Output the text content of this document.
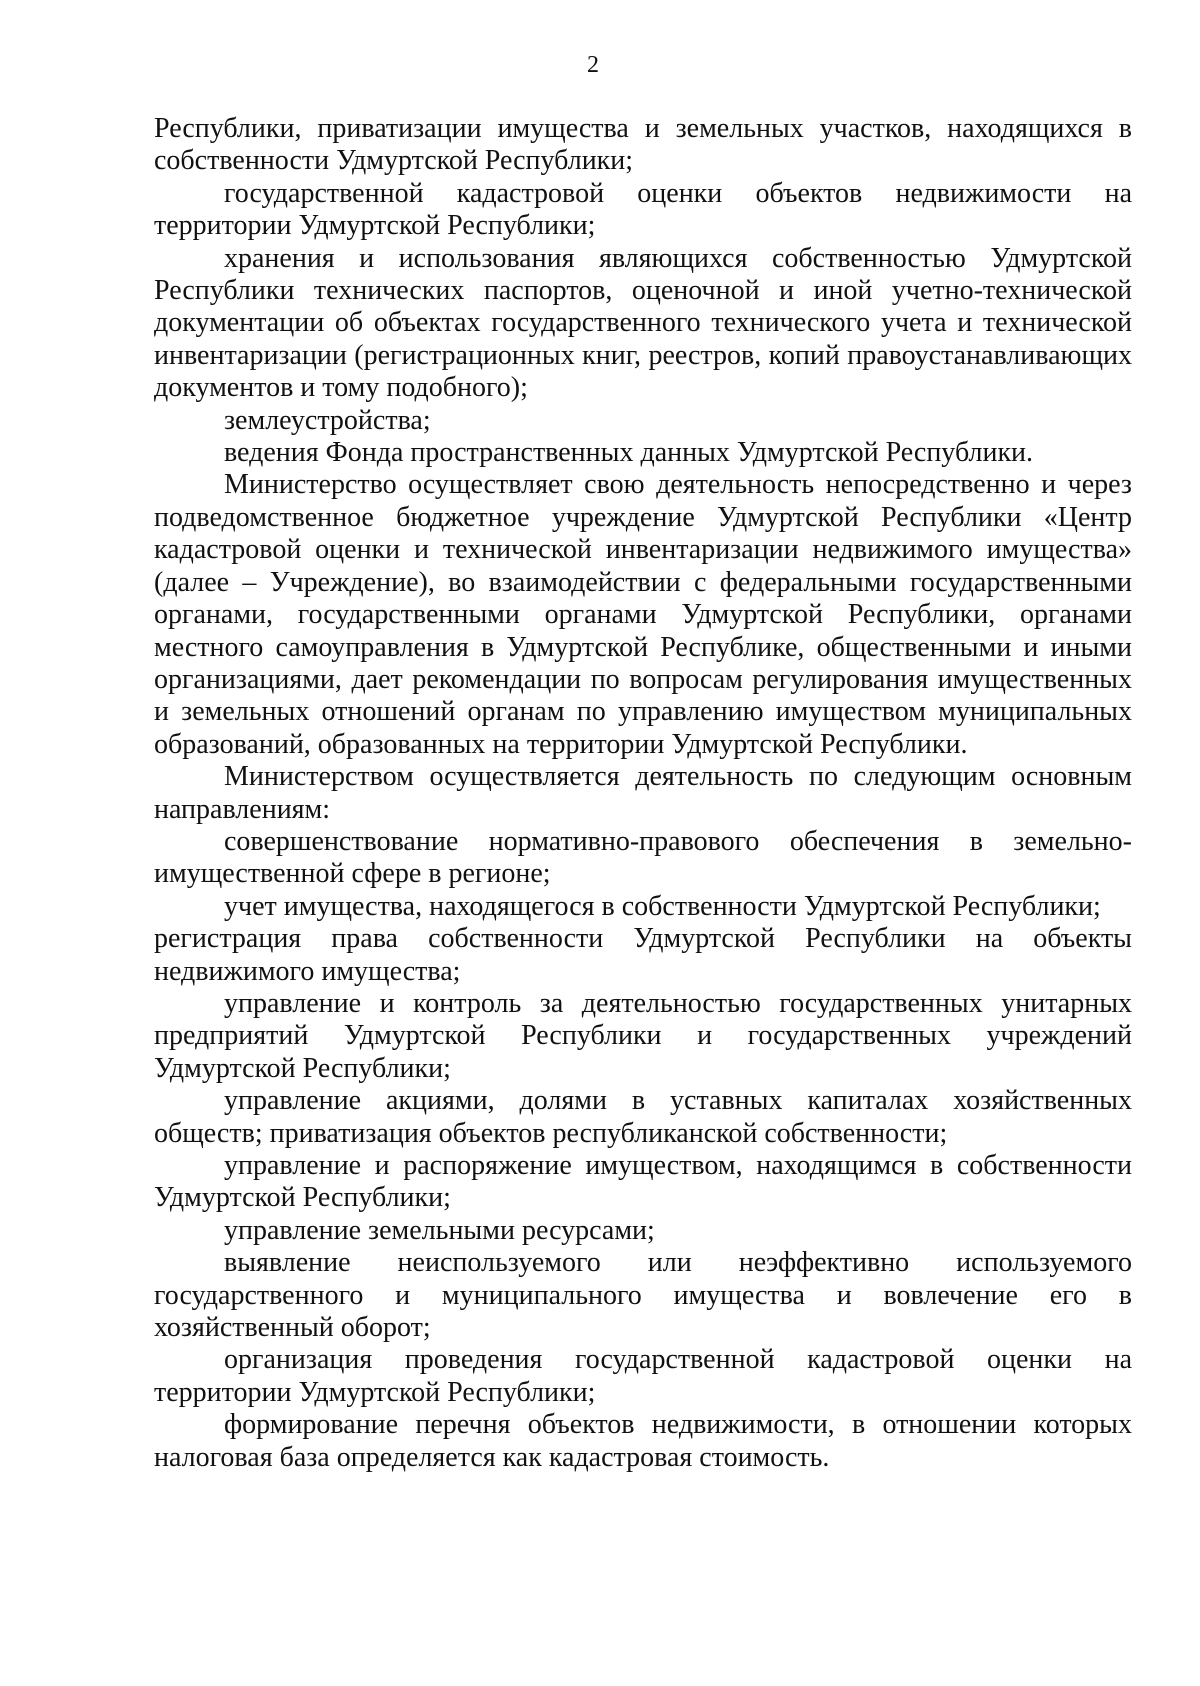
2

Республики, приватизации имущества и земельных участков, находящихся в собственности Удмуртской Республики;

государственной кадастровой оценки объектов недвижимости на территории Удмуртской Республики;

хранения и использования являющихся собственностью Удмуртской Республики технических паспортов, оценочной и иной учетно-технической документации об объектах государственного технического учета и технической инвентаризации (регистрационных книг, реестров, копий правоустанавливающих документов и тому подобного);

землеустройства;

ведения Фонда пространственных данных Удмуртской Республики.

Министерство осуществляет свою деятельность непосредственно и через подведомственное бюджетное учреждение Удмуртской Республики «Центр кадастровой оценки и технической инвентаризации недвижимого имущества» (далее – Учреждение), во взаимодействии с федеральными государственными органами, государственными органами Удмуртской Республики, органами местного самоуправления в Удмуртской Республике, общественными и иными организациями, дает рекомендации по вопросам регулирования имущественных и земельных отношений органам по управлению имуществом муниципальных образований, образованных на территории Удмуртской Республики.

Министерством осуществляется деятельность по следующим основным направлениям:

совершенствование нормативно-правового обеспечения в земельно-имущественной сфере в регионе;

учет имущества, находящегося в собственности Удмуртской Республики;

регистрация права собственности Удмуртской Республики на объекты недвижимого имущества;

управление и контроль за деятельностью государственных унитарных предприятий Удмуртской Республики и государственных учреждений Удмуртской Республики;

управление акциями, долями в уставных капиталах хозяйственных обществ; приватизация объектов республиканской собственности;

управление и распоряжение имуществом, находящимся в собственности Удмуртской Республики;

управление земельными ресурсами;

выявление неиспользуемого или неэффективно используемого государственного и муниципального имущества и вовлечение его в хозяйственный оборот;

организация проведения государственной кадастровой оценки на территории Удмуртской Республики;

формирование перечня объектов недвижимости, в отношении которых налоговая база определяется как кадастровая стоимость.
